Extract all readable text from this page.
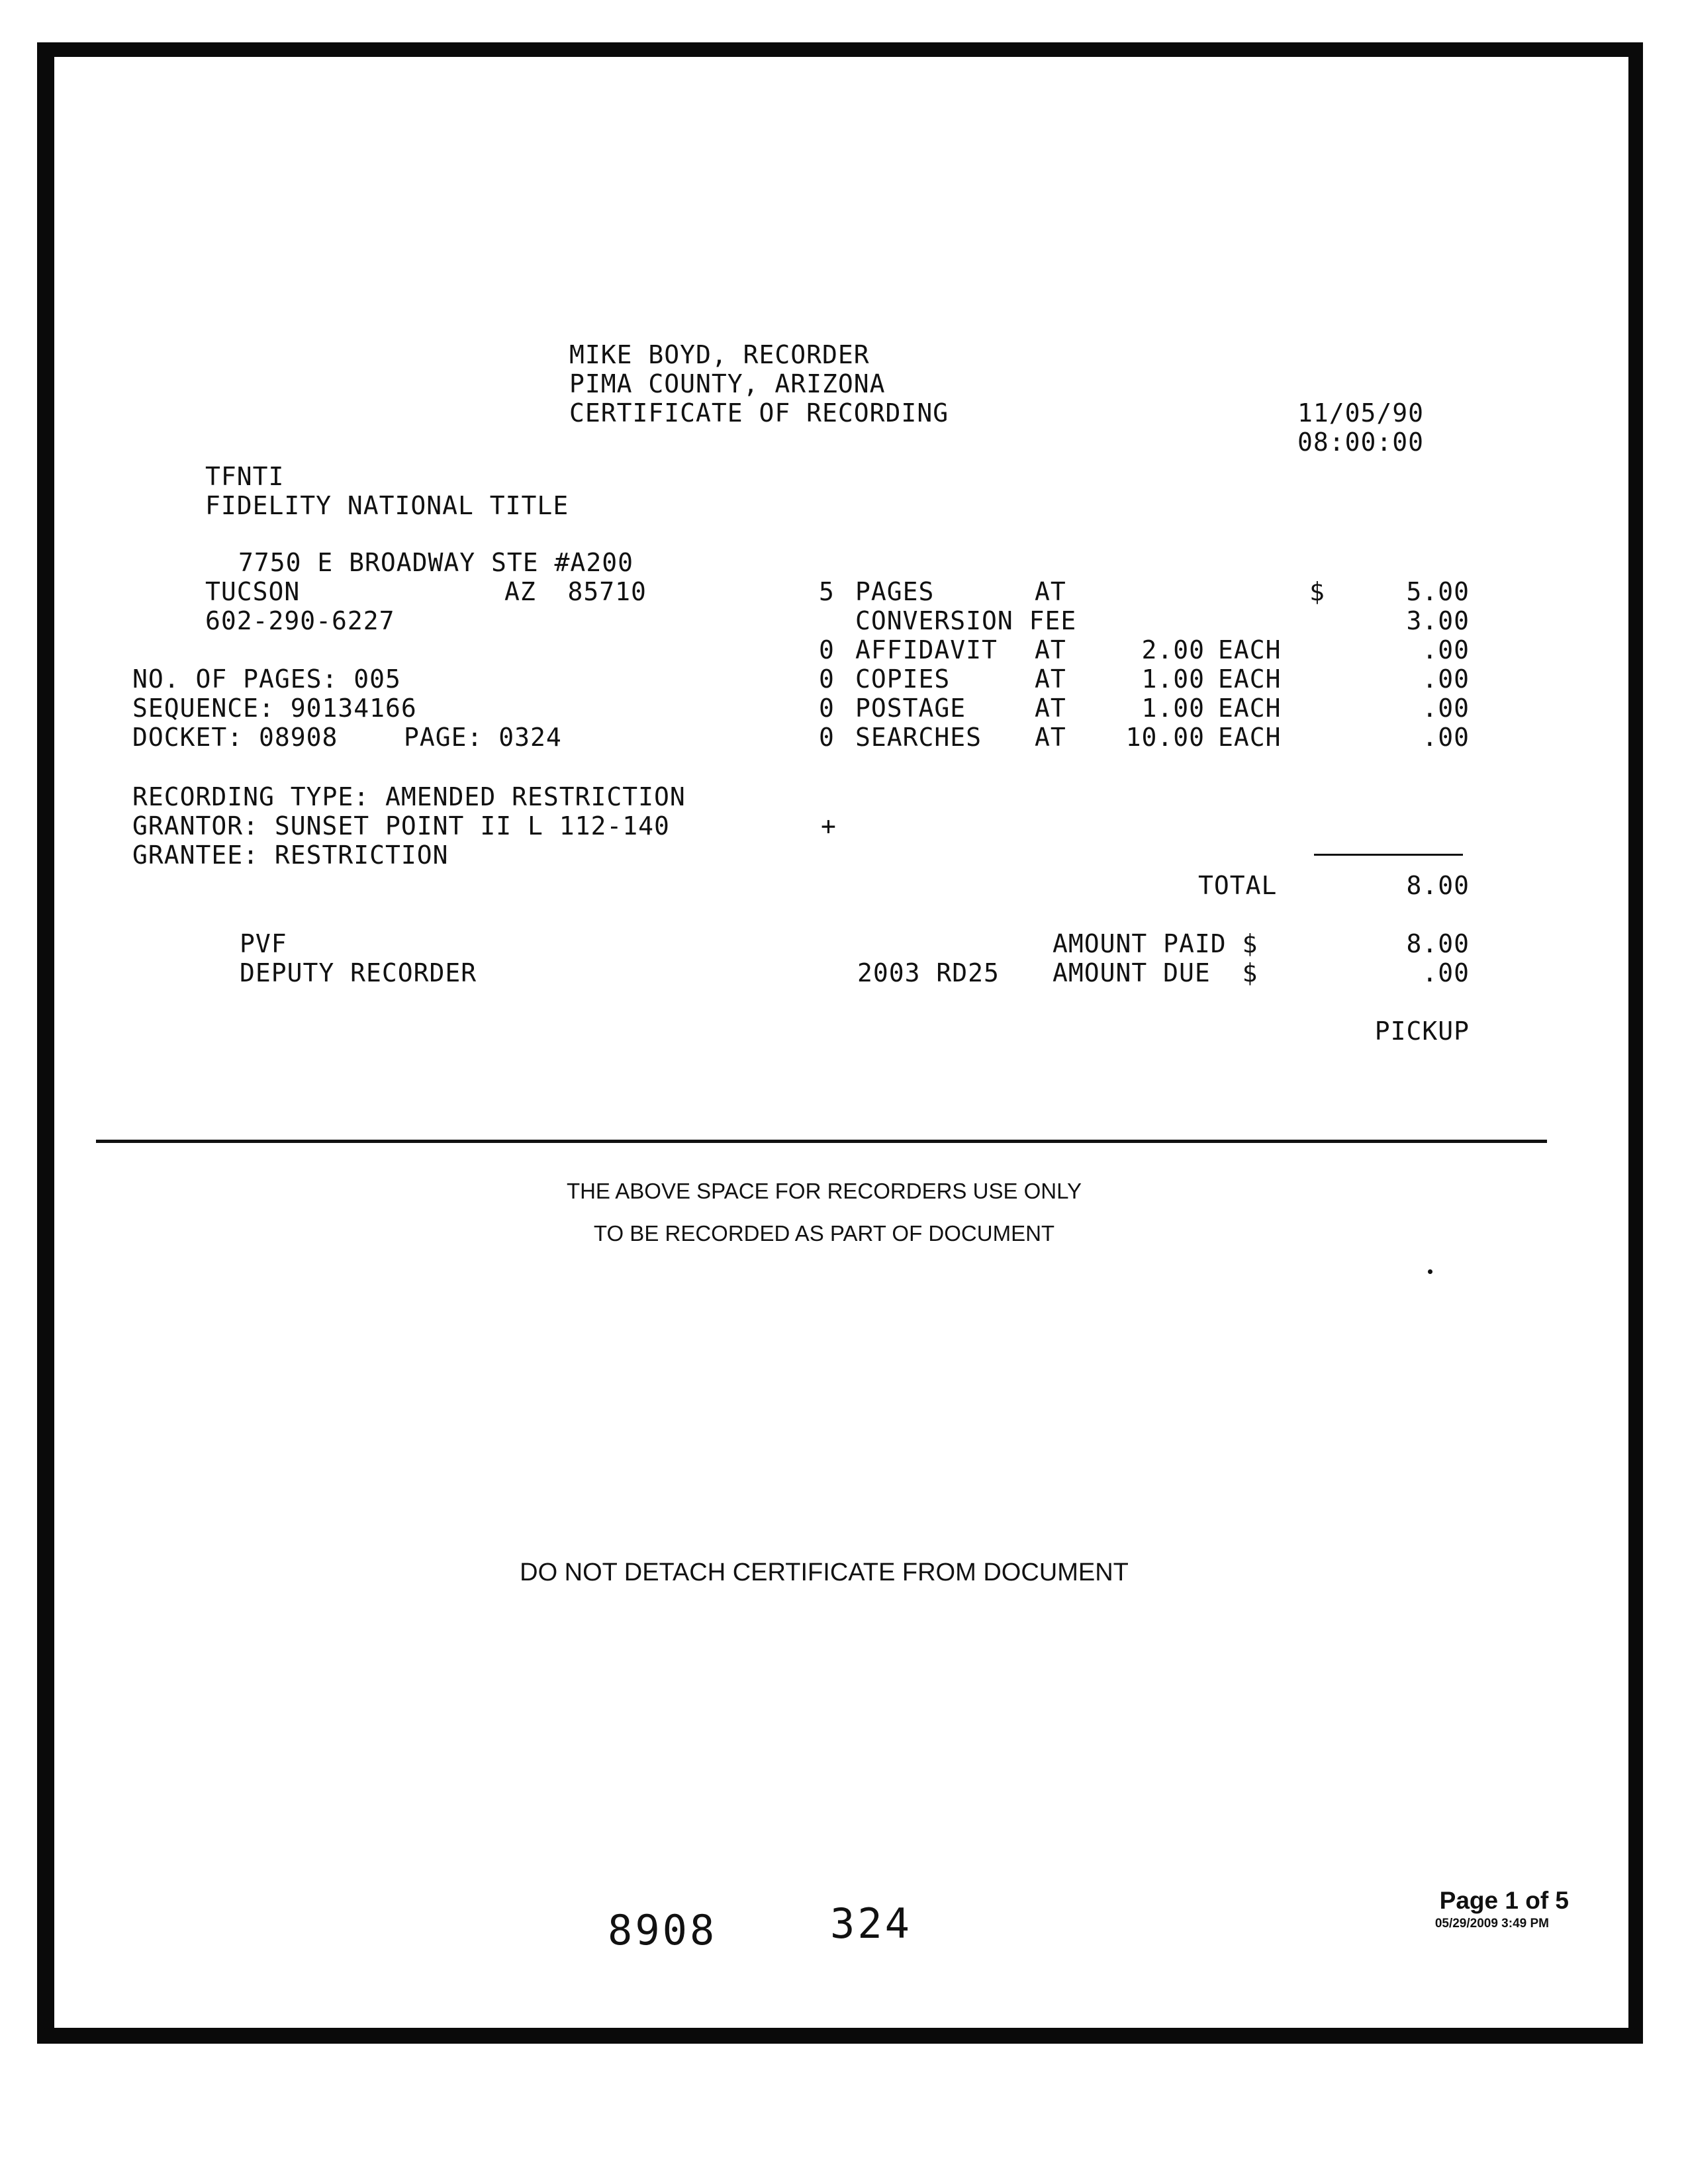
MIKE BOYD, RECORDER
PIMA COUNTY, ARIZONA
CERTIFICATE OF RECORDING	11/05/90
08:00:00
TFNTI
FIDELITY NATIONAL TITLE
7750 E BROADWAY STE #A200
TUCSON	AZ  85710
602-290-6227
NO. OF PAGES: 005
SEQUENCE: 90134166
DOCKET: 08908	PAGE: 0324
RECORDING TYPE: AMENDED RESTRICTION
GRANTOR: SUNSET POINT II L 112-140	+
GRANTEE: RESTRICTION
5 PAGES	AT	$	5.00
CONVERSION FEE	3.00
0 AFFIDAVIT AT	2.00 EACH	.00
0 COPIES	AT	1.00 EACH	.00
0 POSTAGE	AT	1.00 EACH	.00
0 SEARCHES AT	10.00 EACH	.00
TOTAL	8.00
AMOUNT PAID $	8.00
AMOUNT DUE  $	.00
PICKUP
PVF
DEPUTY RECORDER	2003 RD25
THE ABOVE SPACE FOR RECORDERS USE ONLY
TO BE RECORDED AS PART OF DOCUMENT
DO NOT DETACH CERTIFICATE FROM DOCUMENT
8908	324	Page 1 of 5
05/29/2009 3:49 PM
